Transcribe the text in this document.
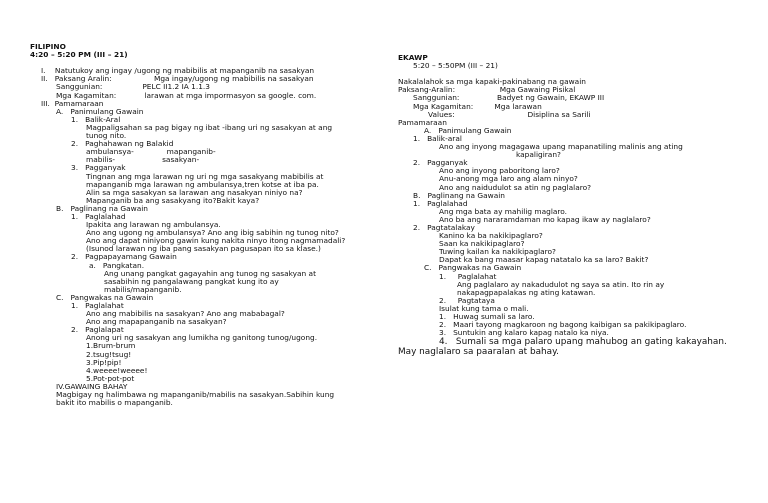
FILIPINO
4:20 – 5:20 PM (III – 21)

I.    Natutukoy ang ingay /ugong ng mabibilis at mapanganib na sasakyan
II.   Paksang Aralin:                  Mga ingay/ugong ng mabibilis na sasakyan
Sanggunian:                 PELC II1.2 IA 1.1.3
Mga Kagamitan:            larawan at mga impormasyon sa google. com.
III.  Pamamaraan
A.   Panimulang Gawain
1.   Balik-Aral
Magpaligsahan sa pag bigay ng ibat -ibang uri ng sasakyan at ang
tunog nito.
2.   Paghahawan ng Balakid
ambulansya-              mapanganib-
mabilis-                    sasakyan-
3.   Pagganyak
Tingnan ang mga larawan ng uri ng mga sasakyang mabibilis at
mapanganib mga larawan ng ambulansya,tren kotse at iba pa.
Alin sa mga sasakyan sa larawan ang nasakyan niniyo na?
Mapanganib ba ang sasakyang ito?Bakit kaya?
B.   Paglinang na Gawain
1.   Paglalahad
Ipakita ang larawan ng ambulansya.
Ano ang ugong ng ambulansya? Ano ang ibig sabihin ng tunog nito?
Ano ang dapat niniyong gawin kung nakita ninyo itong nagmamadali?
(Isunod larawan ng iba pang sasakyan pagusapan ito sa klase.)
2.   Pagpapayamang Gawain
a.   Pangkatan.
Ang unang pangkat gagayahin ang tunog ng sasakyan at
sasabihin ng pangalawang pangkat kung ito ay
mabilis/mapanganib.
C.   Pangwakas na Gawain
1.   Paglalahat
Ano ang mabibilis na sasakyan? Ano ang mababagal?
Ano ang mapapanganib na sasakyan?
2.   Paglalapat
Anong uri ng sasakyan ang lumikha ng ganitong tunog/ugong.
1.Brum-brum
2.tsug!tsug!
3.Pip!pip!
4.weeee!weeee!
5.Pot-pot-pot
IV.GAWAING BAHAY
Magbigay ng halimbawa ng mapanganib/mabilis na sasakyan.Sabihin kung
bakit ito mabilis o mapanganib.
EKAWP
5:20 – 5:50PM (III – 21)

Nakalalahok sa mga kapaki-pakinabang na gawain
Paksang-Aralin:                   Mga Gawaing Pisikal
Sanggunian:                Badyet ng Gawain, EKAWP III
Mga Kagamitan:         Mga larawan
Values:                               Disiplina sa Sarili
Pamamaraan
A.   Panimulang Gawain
1.   Balik-aral
Ano ang inyong magagawa upang mapanatiling malinis ang ating
kapaligiran?
2.   Pagganyak
Ano ang inyong paboritong laro?
Anu-anong mga laro ang alam ninyo?
Ano ang naidudulot sa atin ng paglalaro?
B.   Paglinang na Gawain
1.   Paglalahad
Ang mga bata ay mahilig maglaro.
Ano ba ang nararamdaman mo kapag ikaw ay naglalaro?
2.   Pagtatalakay
Kanino ka ba nakikipaglaro?
Saan ka nakikipaglaro?
Tuwing kailan ka nakikipaglaro?
Dapat ka bang maasar kapag natatalo ka sa laro? Bakit?
C.   Pangwakas na Gawain
1.     Paglalahat
Ang paglalaro ay nakadudulot ng saya sa atin. Ito rin ay
nakapagpapalakas ng ating katawan.
2.     Pagtataya
Isulat kung tama o mali.
1.   Huwag sumali sa laro.
2.   Maari tayong magkaroon ng bagong kaibigan sa pakikipaglaro.
3.   Suntukin ang kalaro kapag natalo ka niya.
4.   Sumali sa mga palaro upang mahubog an gating kakayahan.
May naglalaro sa paaralan at bahay.
